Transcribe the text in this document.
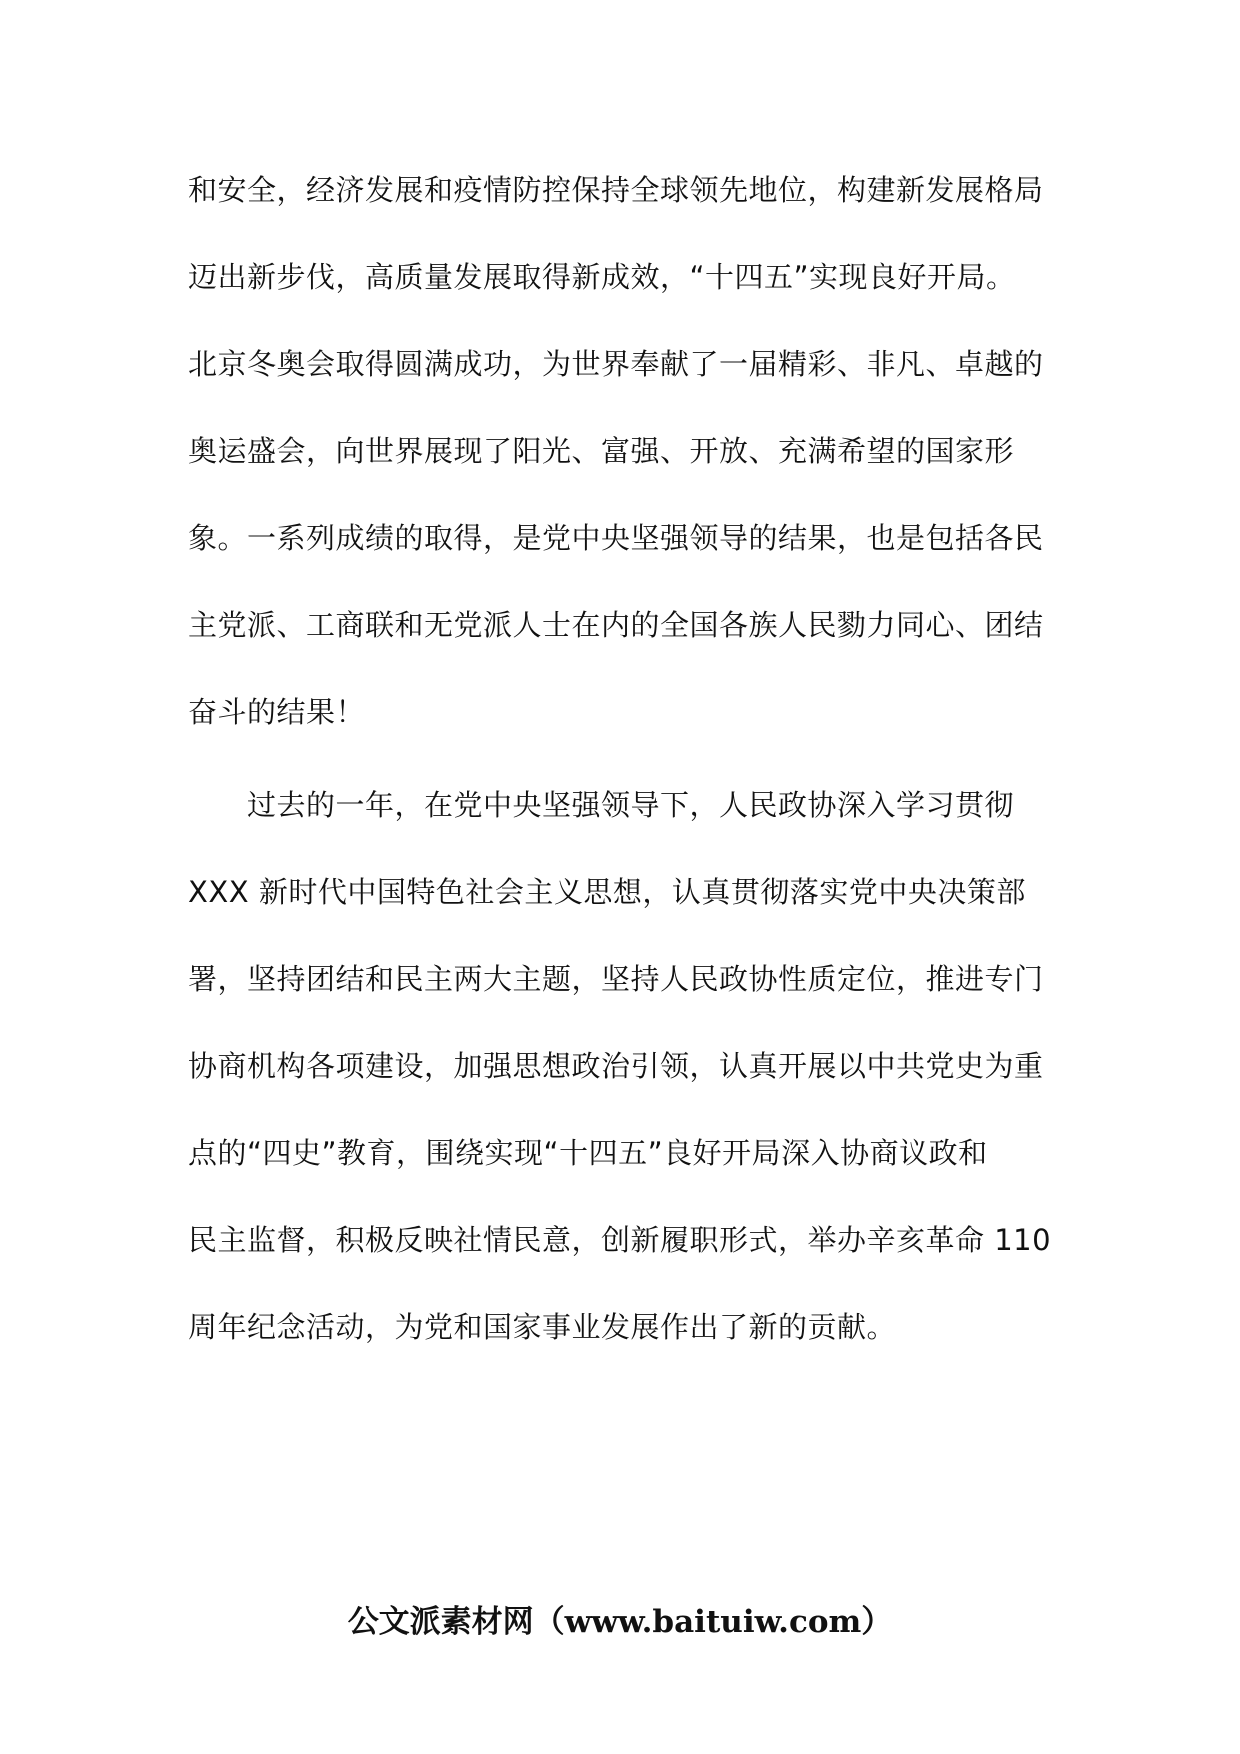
和安全，经济发展和疫情防控保持全球领先地位，构建新发展格局
迈出新步伐，高质量发展取得新成效，“十四五”实现良好开局。
北京冬奥会取得圆满成功，为世界奉献了一届精彩、非凡、卓越的
奥运盛会，向世界展现了阳光、富强、开放、充满希望的国家形
象。一系列成绩的取得，是党中央坚强领导的结果，也是包括各民
主党派、工商联和无党派人士在内的全国各族人民勠力同心、团结
奋斗的结果！
过去的一年，在党中央坚强领导下，人民政协深入学习贯彻
XXX 新时代中国特色社会主义思想，认真贯彻落实党中央决策部
署，坚持团结和民主两大主题，坚持人民政协性质定位，推进专门
协商机构各项建设，加强思想政治引领，认真开展以中共党史为重
点的“四史”教育，围绕实现“十四五”良好开局深入协商议政和
民主监督，积极反映社情民意，创新履职形式，举办辛亥革命 110
周年纪念活动，为党和国家事业发展作出了新的贡献。
公文派素材网（www.baituiw.com）
